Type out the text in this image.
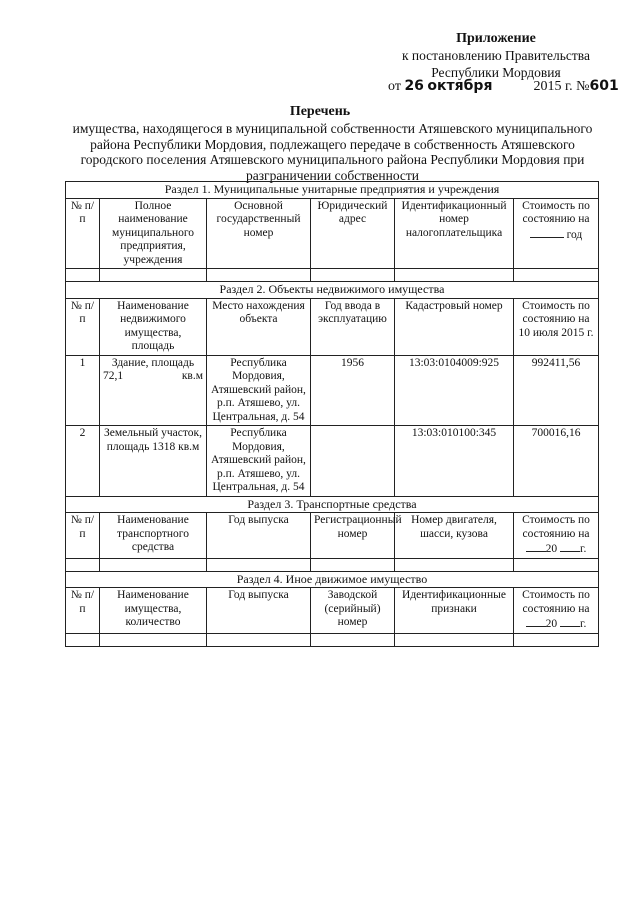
Приложение
к постановлению Правительства
Республики Мордовия
от 26 октября	2015 г. №601
Перечень
имущества, находящегося в муниципальной собственности Атяшевского муниципального района Республики Мордовия, подлежащего передаче в собственность Атяшевского городского поселения Атяшевского муниципального района Республики Мордовия при разграничении собственности
Раздел 1. Муниципальные унитарные предприятия и учреждения					
№ п/п	Полное наименование муниципального предприятия, учреждения	Основной государственный номер	Юридический адрес	Идентификационный номер налогоплательщика	Стоимость по состоянию на  год

Раздел 2. Объекты недвижимого имущества					
№ п/п	Наименование недвижимого имущества, площадь	Место нахождения объекта	Год ввода в эксплуатацию	Кадастровый номер	Стоимость по состоянию на 10 июля 2015 г.
1	Здание, площадь 72,1 кв.м	Республика Мордовия, Атяшевский район, р.п. Атяшево, ул. Центральная, д. 54	1956	13:03:0104009:925	992411,56
2	Земельный участок, площадь 1318 кв.м	Республика Мордовия, Атяшевский район, р.п. Атяшево, ул. Центральная, д. 54		13:03:010100:345	700016,16
Раздел 3. Транспортные средства					
№ п/п	Наименование транспортного средства	Год выпуска	Регистрационный номер	Номер двигателя, шасси, кузова	Стоимость по состоянию на 20 г.

Раздел 4. Иное движимое имущество					
№ п/п	Наименование имущества, количество	Год выпуска	Заводской (серийный) номер	Идентификационные признаки	Стоимость по состоянию на 20 г.
